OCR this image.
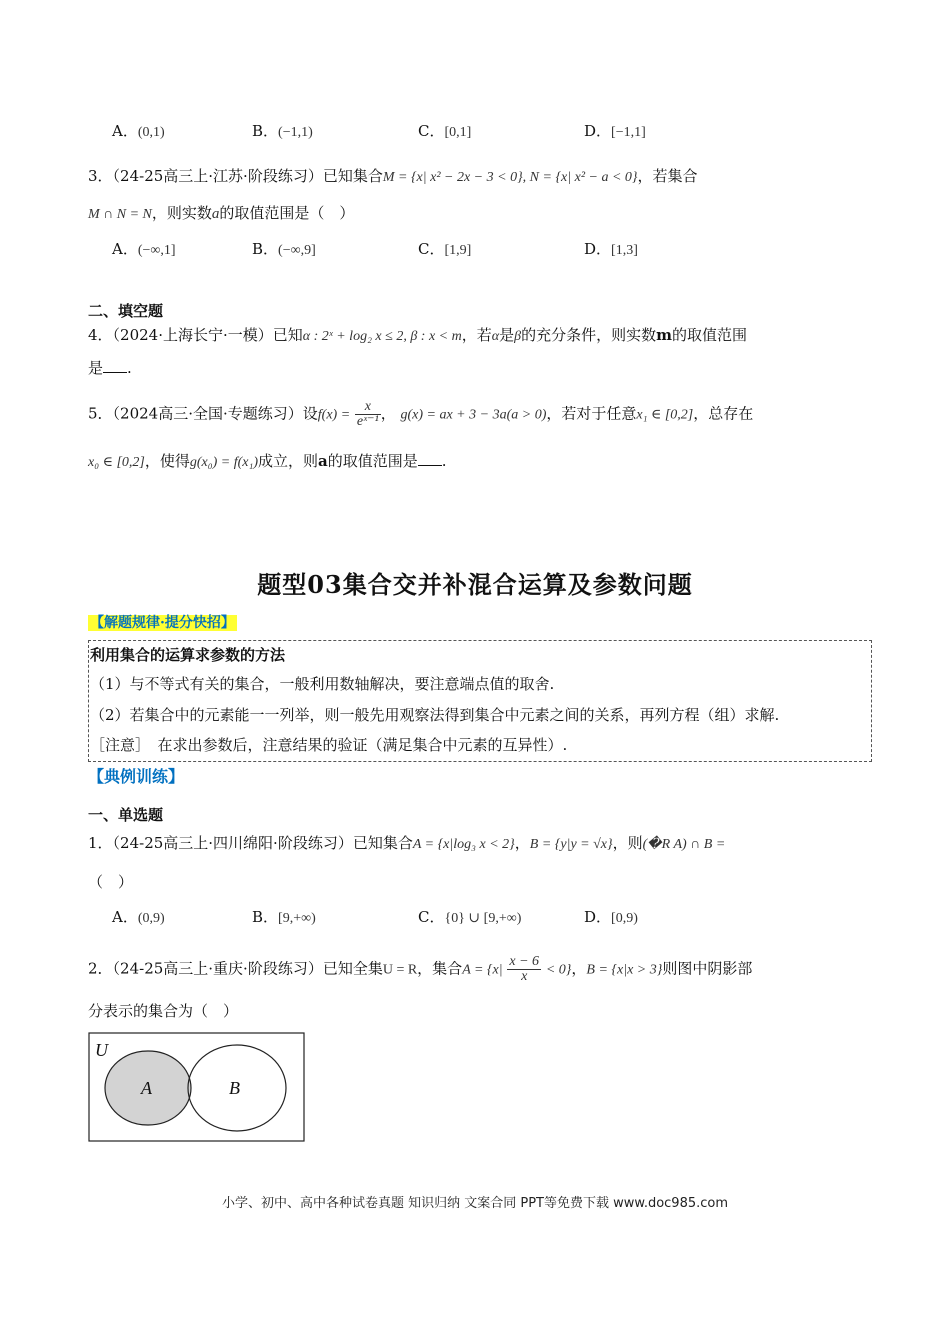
A．(0,1)	B．(−1,1)	C．[0,1]	D．[−1,1]
3．（24-25高三上·江苏·阶段练习）已知集合M = {x| x² − 2x − 3 < 0}, N = {x| x² − a < 0}，若集合
M ∩ N = N，则实数a的取值范围是（　）
A．(−∞,1]	B．(−∞,9]	C．[1,9]	D．[1,3]
二、填空题
4．（2024·上海长宁·一模）已知α : 2ˣ + log₂ x ≤ 2, β : x < m，若α是β的充分条件，则实数m的取值范围
是 .
5．（2024高三·全国·专题练习）设$f(x) = \frac{x}{\text{eˣ⁻¹}}$ ， g(x) = ax + 3 − 3a(a > 0)，若对于任意x₁ ∈ [0,2]，总存在
x₀ ∈ [0,2]，使得g(x₀) = f(x₁)成立，则a的取值范围是 .
题型03集合交并补混合运算及参数问题
【解题规律·提分快招】
利用集合的运算求参数的方法
（1）与不等式有关的集合，一般利用数轴解决，要注意端点值的取舍.
（2）若集合中的元素能一一列举，则一般先用观察法得到集合中元素之间的关系，再列方程（组）求解.
［注意］　在求出参数后，注意结果的验证（满足集合中元素的互异性）.
【典例训练】
一、单选题
1．（24-25高三上·四川绵阳·阶段练习）已知集合A = {x|log₃ x < 2}，B = {y|y = √x}，则(�R A) ∩ B =
（　）
A．(0,9)	B．[9,+∞)	C．{0} ∪ [9,+∞)	D．[0,9)
2．（24-25高三上·重庆·阶段练习）已知全集U = R，集合$A = \{x| \frac{x - 6}{x} < 0\}$，B = {x|x > 3}则图中阴影部
分表示的集合为（　）
U
A	B
小学、初中、高中各种试卷真题 知识归纳 文案合同 PPT等免费下载 www.doc985.com
